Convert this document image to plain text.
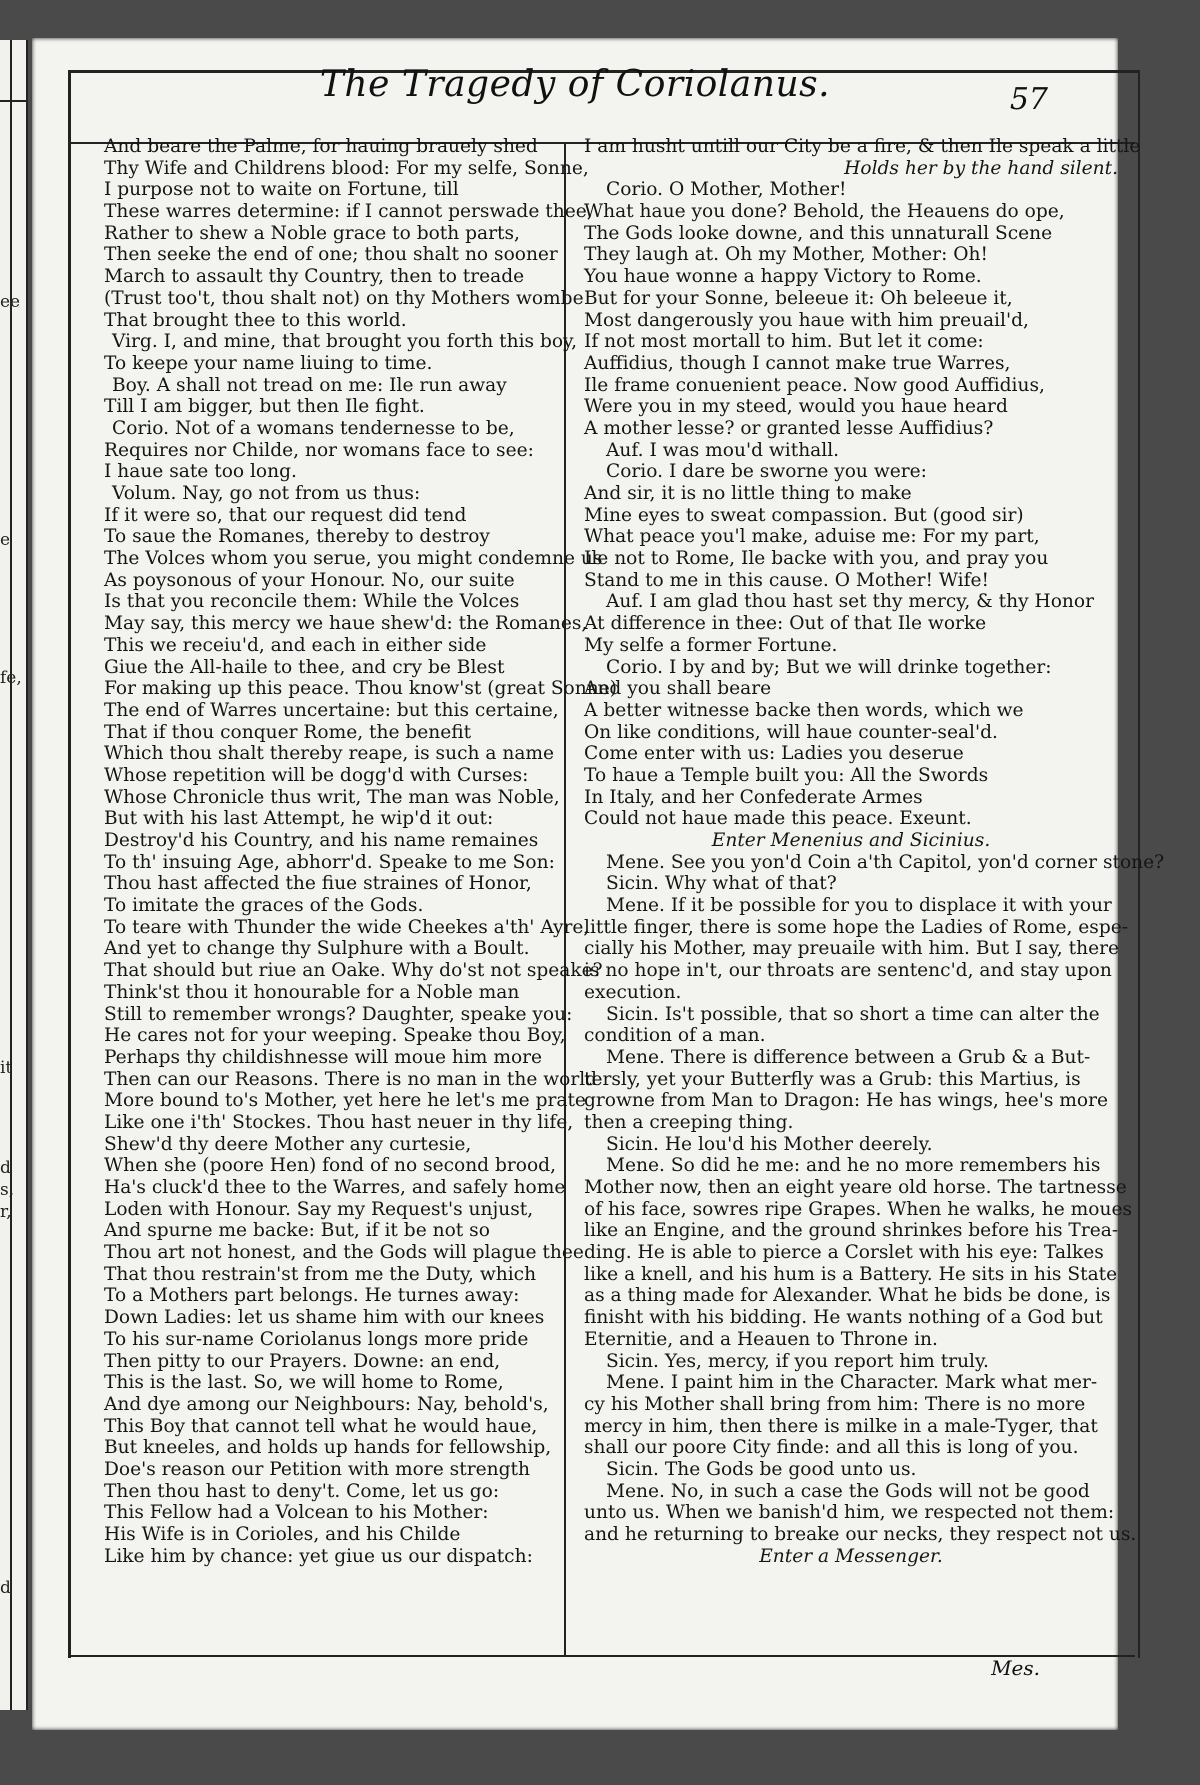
ee
e
fe,
it
d
s,
r,
d
The Tragedy of Coriolanus.	57
And beare the Palme, for hauing brauely shed
Thy Wife and Childrens blood: For my selfe, Sonne,
I purpose not to waite on Fortune, till
These warres determine: if I cannot perswade thee,
Rather to shew a Noble grace to both parts,
Then seeke the end of one; thou shalt no sooner
March to assault thy Country, then to treade
(Trust too't, thou shalt not) on thy Mothers wombe
That brought thee to this world.
Virg. I, and mine, that brought you forth this boy,
To keepe your name liuing to time.
Boy. A shall not tread on me: Ile run away
Till I am bigger, but then Ile fight.
Corio. Not of a womans tendernesse to be,
Requires nor Childe, nor womans face to see:
I haue sate too long.
Volum. Nay, go not from us thus:
If it were so, that our request did tend
To saue the Romanes, thereby to destroy
The Volces whom you serue, you might condemne us
As poysonous of your Honour. No, our suite
Is that you reconcile them: While the Volces
May say, this mercy we haue shew'd: the Romanes,
This we receiu'd, and each in either side
Giue the All-haile to thee, and cry be Blest
For making up this peace. Thou know'st (great Sonne)
The end of Warres uncertaine: but this certaine,
That if thou conquer Rome, the benefit
Which thou shalt thereby reape, is such a name
Whose repetition will be dogg'd with Curses:
Whose Chronicle thus writ, The man was Noble,
But with his last Attempt, he wip'd it out:
Destroy'd his Country, and his name remaines
To th' insuing Age, abhorr'd. Speake to me Son:
Thou hast affected the fiue straines of Honor,
To imitate the graces of the Gods.
To teare with Thunder the wide Cheekes a'th' Ayre,
And yet to change thy Sulphure with a Boult.
That should but riue an Oake. Why do'st not speake?
Think'st thou it honourable for a Noble man
Still to remember wrongs? Daughter, speake you:
He cares not for your weeping. Speake thou Boy,
Perhaps thy childishnesse will moue him more
Then can our Reasons. There is no man in the world
More bound to's Mother, yet here he let's me prate
Like one i'th' Stockes. Thou hast neuer in thy life,
Shew'd thy deere Mother any curtesie,
When she (poore Hen) fond of no second brood,
Ha's cluck'd thee to the Warres, and safely home
Loden with Honour. Say my Request's unjust,
And spurne me backe: But, if it be not so
Thou art not honest, and the Gods will plague thee
That thou restrain'st from me the Duty, which
To a Mothers part belongs. He turnes away:
Down Ladies: let us shame him with our knees
To his sur-name Coriolanus longs more pride
Then pitty to our Prayers. Downe: an end,
This is the last. So, we will home to Rome,
And dye among our Neighbours: Nay, behold's,
This Boy that cannot tell what he would haue,
But kneeles, and holds up hands for fellowship,
Doe's reason our Petition with more strength
Then thou hast to deny't. Come, let us go:
This Fellow had a Volcean to his Mother:
His Wife is in Corioles, and his Childe
Like him by chance: yet giue us our dispatch:
I am husht untill our City be a fire, & then Ile speak a little
Holds her by the hand silent.
Corio. O Mother, Mother!
What haue you done? Behold, the Heauens do ope,
The Gods looke downe, and this unnaturall Scene
They laugh at. Oh my Mother, Mother: Oh!
You haue wonne a happy Victory to Rome.
But for your Sonne, beleeue it: Oh beleeue it,
Most dangerously you haue with him preuail'd,
If not most mortall to him. But let it come:
Auffidius, though I cannot make true Warres,
Ile frame conuenient peace. Now good Auffidius,
Were you in my steed, would you haue heard
A mother lesse? or granted lesse Auffidius?
Auf. I was mou'd withall.
Corio. I dare be sworne you were:
And sir, it is no little thing to make
Mine eyes to sweat compassion. But (good sir)
What peace you'l make, aduise me: For my part,
Ile not to Rome, Ile backe with you, and pray you
Stand to me in this cause. O Mother! Wife!
Auf. I am glad thou hast set thy mercy, & thy Honor
At difference in thee: Out of that Ile worke
My selfe a former Fortune.
Corio. I by and by; But we will drinke together:
And you shall beare
A better witnesse backe then words, which we
On like conditions, will haue counter-seal'd.
Come enter with us: Ladies you deserue
To haue a Temple built you: All the Swords
In Italy, and her Confederate Armes
Could not haue made this peace. Exeunt.
Enter Menenius and Sicinius.
Mene. See you yon'd Coin a'th Capitol, yon'd corner stone?
Sicin. Why what of that?
Mene. If it be possible for you to displace it with your
little finger, there is some hope the Ladies of Rome, espe-
cially his Mother, may preuaile with him. But I say, there
is no hope in't, our throats are sentenc'd, and stay upon
execution.
Sicin. Is't possible, that so short a time can alter the
condition of a man.
Mene. There is difference between a Grub & a But-
tersly, yet your Butterfly was a Grub: this Martius, is
growne from Man to Dragon: He has wings, hee's more
then a creeping thing.
Sicin. He lou'd his Mother deerely.
Mene. So did he me: and he no more remembers his
Mother now, then an eight yeare old horse. The tartnesse
of his face, sowres ripe Grapes. When he walks, he moues
like an Engine, and the ground shrinkes before his Trea-
ding. He is able to pierce a Corslet with his eye: Talkes
like a knell, and his hum is a Battery. He sits in his State
as a thing made for Alexander. What he bids be done, is
finisht with his bidding. He wants nothing of a God but
Eternitie, and a Heauen to Throne in.
Sicin. Yes, mercy, if you report him truly.
Mene. I paint him in the Character. Mark what mer-
cy his Mother shall bring from him: There is no more
mercy in him, then there is milke in a male-Tyger, that
shall our poore City finde: and all this is long of you.
Sicin. The Gods be good unto us.
Mene. No, in such a case the Gods will not be good
unto us. When we banish'd him, we respected not them:
and he returning to breake our necks, they respect not us.
Enter a Messenger.
Mes.
